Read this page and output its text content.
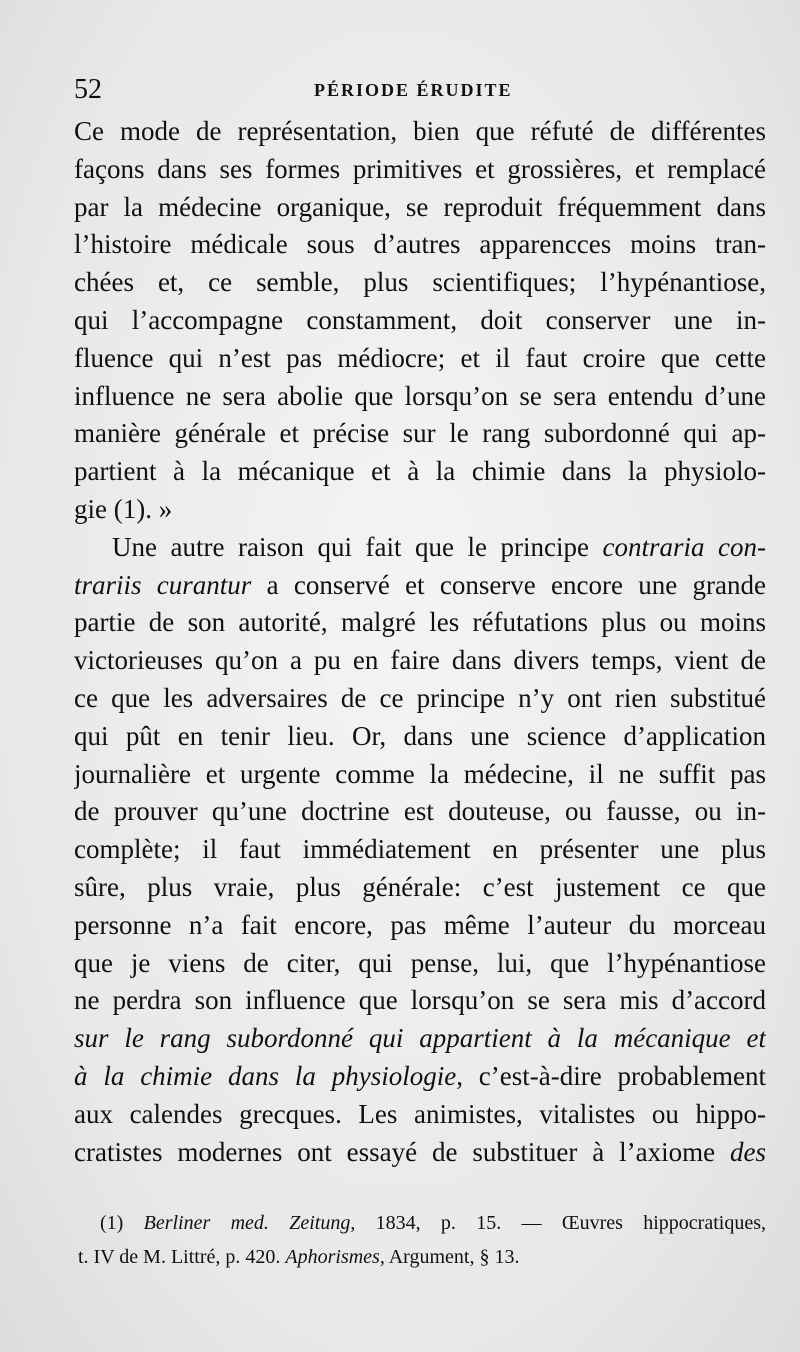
52	PÉRIODE ÉRUDITE
Ce mode de représentation, bien que réfuté de différentes
façons dans ses formes primitives et grossières, et remplacé
par la médecine organique, se reproduit fréquemment dans
l’histoire médicale sous d’autres apparencces moins tran-
chées et, ce semble, plus scientifiques; l’hypénantiose,
qui l’accompagne constamment, doit conserver une in-
fluence qui n’est pas médiocre; et il faut croire que cette
influence ne sera abolie que lorsqu’on se sera entendu d’une
manière générale et précise sur le rang subordonné qui ap-
partient à la mécanique et à la chimie dans la physiolo-
gie (1). »
Une autre raison qui fait que le principe contraria con-
trariis curantur a conservé et conserve encore une grande
partie de son autorité, malgré les réfutations plus ou moins
victorieuses qu’on a pu en faire dans divers temps, vient de
ce que les adversaires de ce principe n’y ont rien substitué
qui pût en tenir lieu. Or, dans une science d’application
journalière et urgente comme la médecine, il ne suffit pas
de prouver qu’une doctrine est douteuse, ou fausse, ou in-
complète; il faut immédiatement en présenter une plus
sûre, plus vraie, plus générale: c’est justement ce que
personne n’a fait encore, pas même l’auteur du morceau
que je viens de citer, qui pense, lui, que l’hypénantiose
ne perdra son influence que lorsqu’on se sera mis d’accord
sur le rang subordonné qui appartient à la mécanique et
à la chimie dans la physiologie, c’est-à-dire probablement
aux calendes grecques. Les animistes, vitalistes ou hippo-
cratistes modernes ont essayé de substituer à l’axiome des
(1) Berliner med. Zeitung, 1834, p. 15. — Œuvres hippocratiques,
t. IV de M. Littré, p. 420. Aphorismes, Argument, § 13.
